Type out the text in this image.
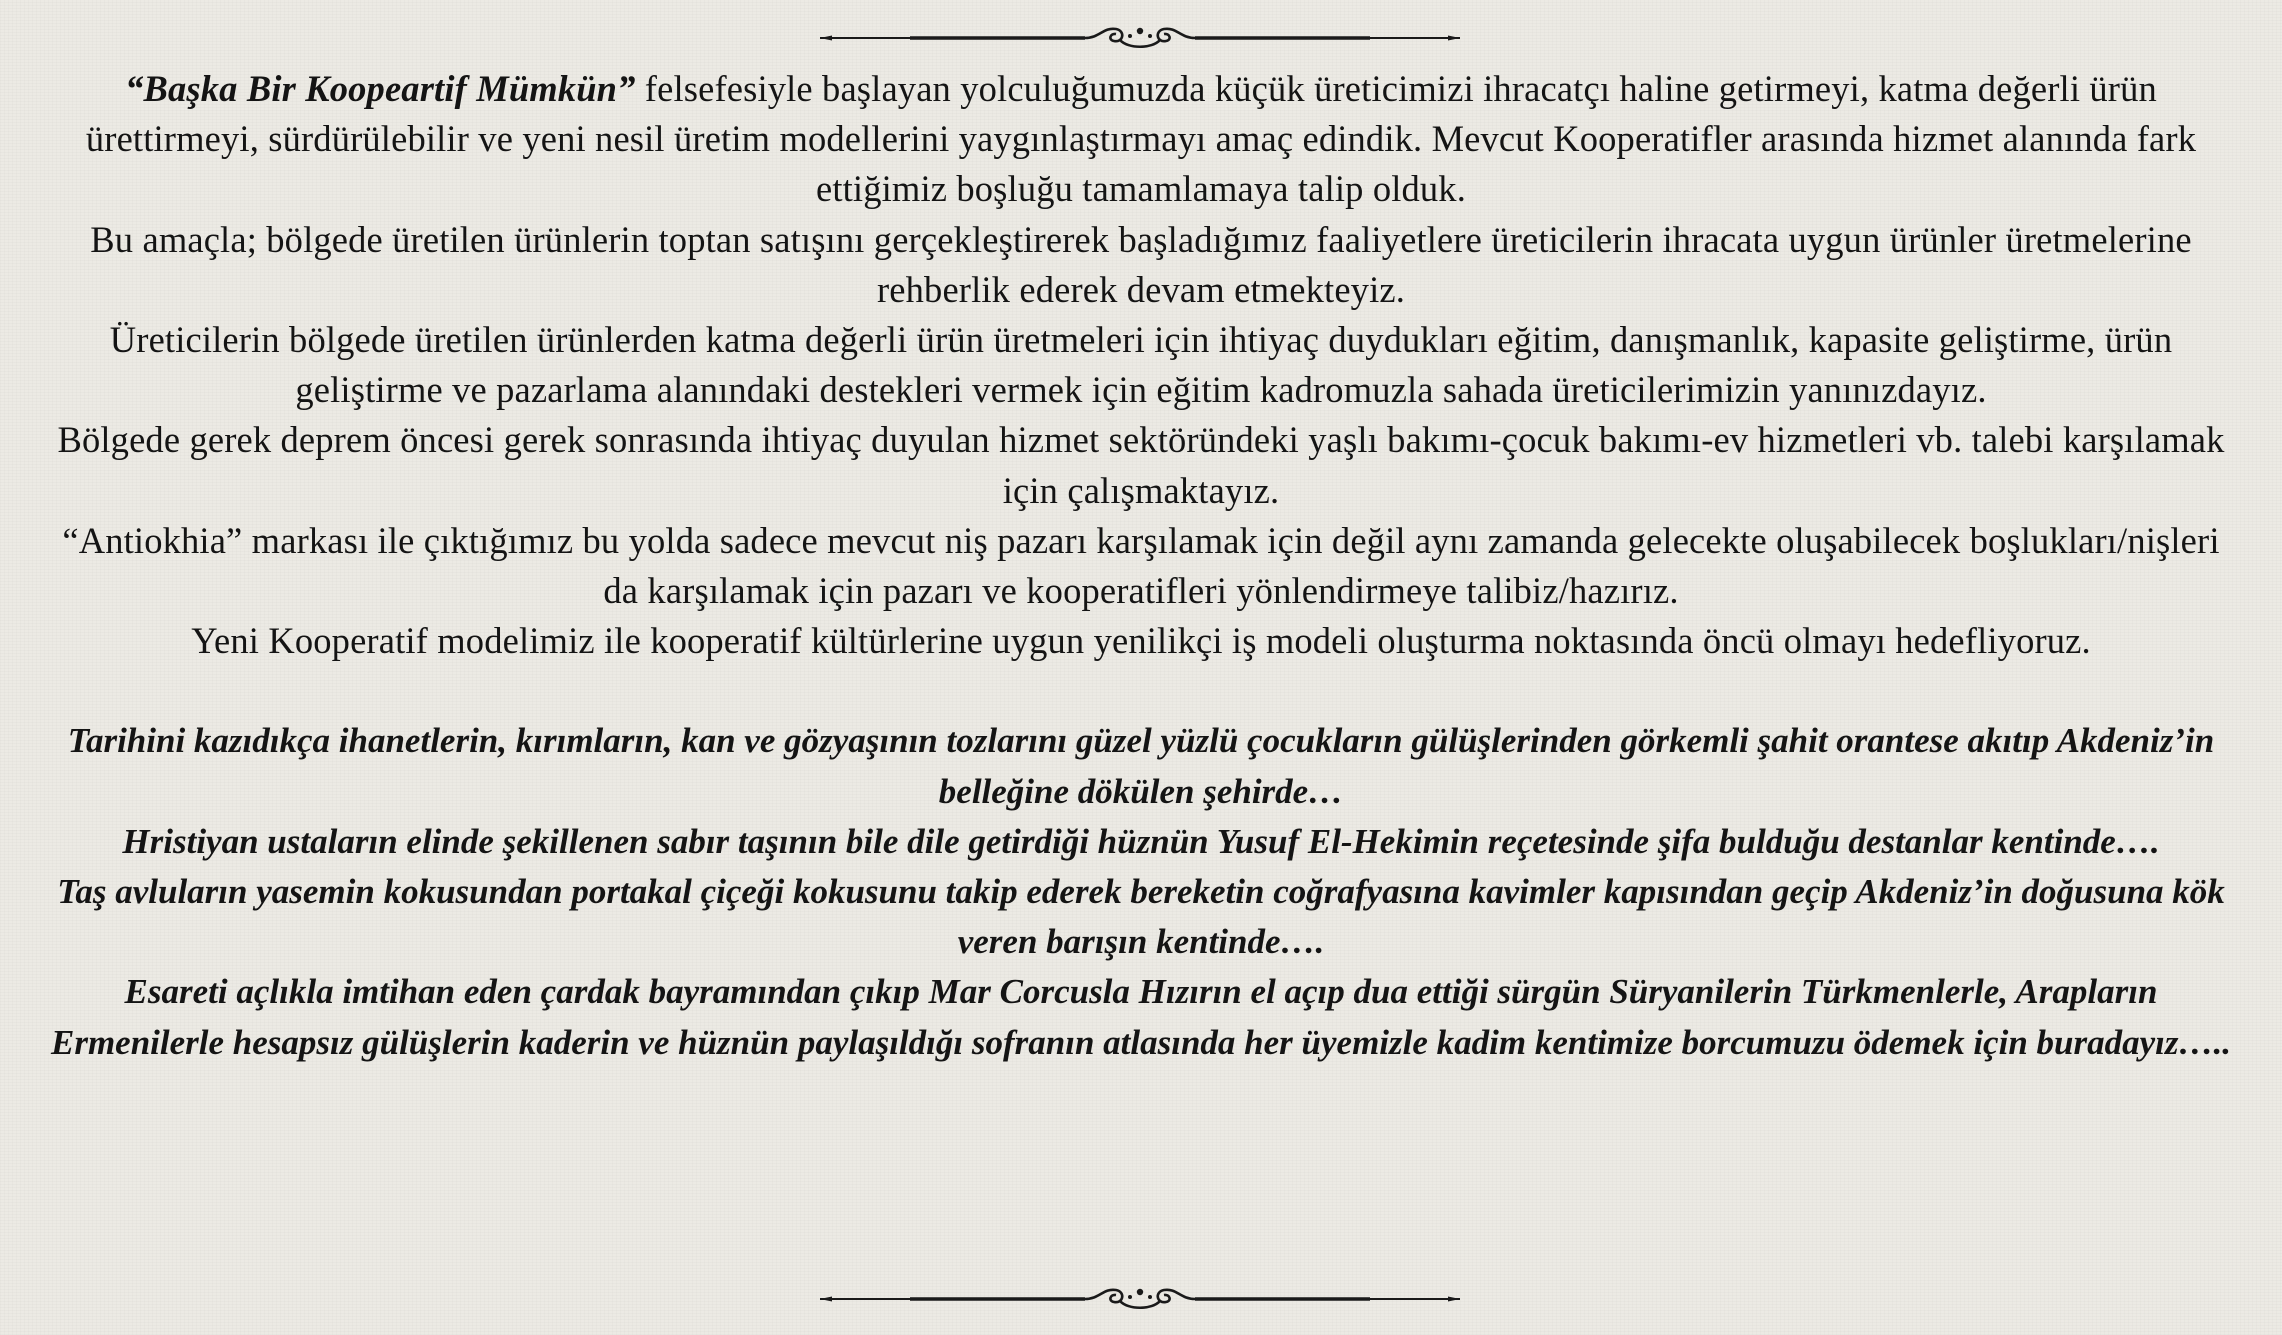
“Başka Bir Koopeartif Mümkün” felsefesiyle başlayan yolculuğumuzda küçük üreticimizi ihracatçı haline getirmeyi, katma değerli ürün ürettirmeyi, sürdürülebilir ve yeni nesil üretim modellerini yaygınlaştırmayı amaç edindik. Mevcut Kooperatifler arasında hizmet alanında fark ettiğimiz boşluğu tamamlamaya talip olduk.

Bu amaçla; bölgede üretilen ürünlerin toptan satışını gerçekleştirerek başladığımız faaliyetlere üreticilerin ihracata uygun ürünler üretmelerine rehberlik ederek devam etmekteyiz.

Üreticilerin bölgede üretilen ürünlerden katma değerli ürün üretmeleri için ihtiyaç duydukları eğitim, danışmanlık, kapasite geliştirme, ürün geliştirme ve pazarlama alanındaki destekleri vermek için eğitim kadromuzla sahada üreticilerimizin yanınızdayız.

Bölgede gerek deprem öncesi gerek sonrasında ihtiyaç duyulan hizmet sektöründeki yaşlı bakımı-çocuk bakımı-ev hizmetleri vb. talebi karşılamak için çalışmaktayız.

“Antiokhia” markası ile çıktığımız bu yolda sadece mevcut niş pazarı karşılamak için değil aynı zamanda gelecekte oluşabilecek boşlukları/nişleri da karşılamak için pazarı ve kooperatifleri yönlendirmeye talibiz/hazırız.

Yeni Kooperatif modelimiz ile kooperatif kültürlerine uygun yenilikçi iş modeli oluşturma noktasında öncü olmayı hedefliyoruz.

Tarihini kazıdıkça ihanetlerin, kırımların, kan ve gözyaşının tozlarını güzel yüzlü çocukların gülüşlerinden görkemli şahit orantese akıtıp Akdeniz’in belleğine dökülen şehirde…

Hristiyan ustaların elinde şekillenen sabır taşının bile dile getirdiği hüznün Yusuf El-Hekimin reçetesinde şifa bulduğu destanlar kentinde….

Taş avluların yasemin kokusundan portakal çiçeği kokusunu takip ederek bereketin coğrafyasına kavimler kapısından geçip Akdeniz’in doğusuna kök veren barışın kentinde….

Esareti açlıkla imtihan eden çardak bayramından çıkıp Mar Corcusla Hızırın el açıp dua ettiği sürgün Süryanilerin Türkmenlerle, Arapların Ermenilerle hesapsız gülüşlerin kaderin ve hüznün paylaşıldığı sofranın atlasında her üyemizle kadim kentimize borcumuzu ödemek için buradayız…..
